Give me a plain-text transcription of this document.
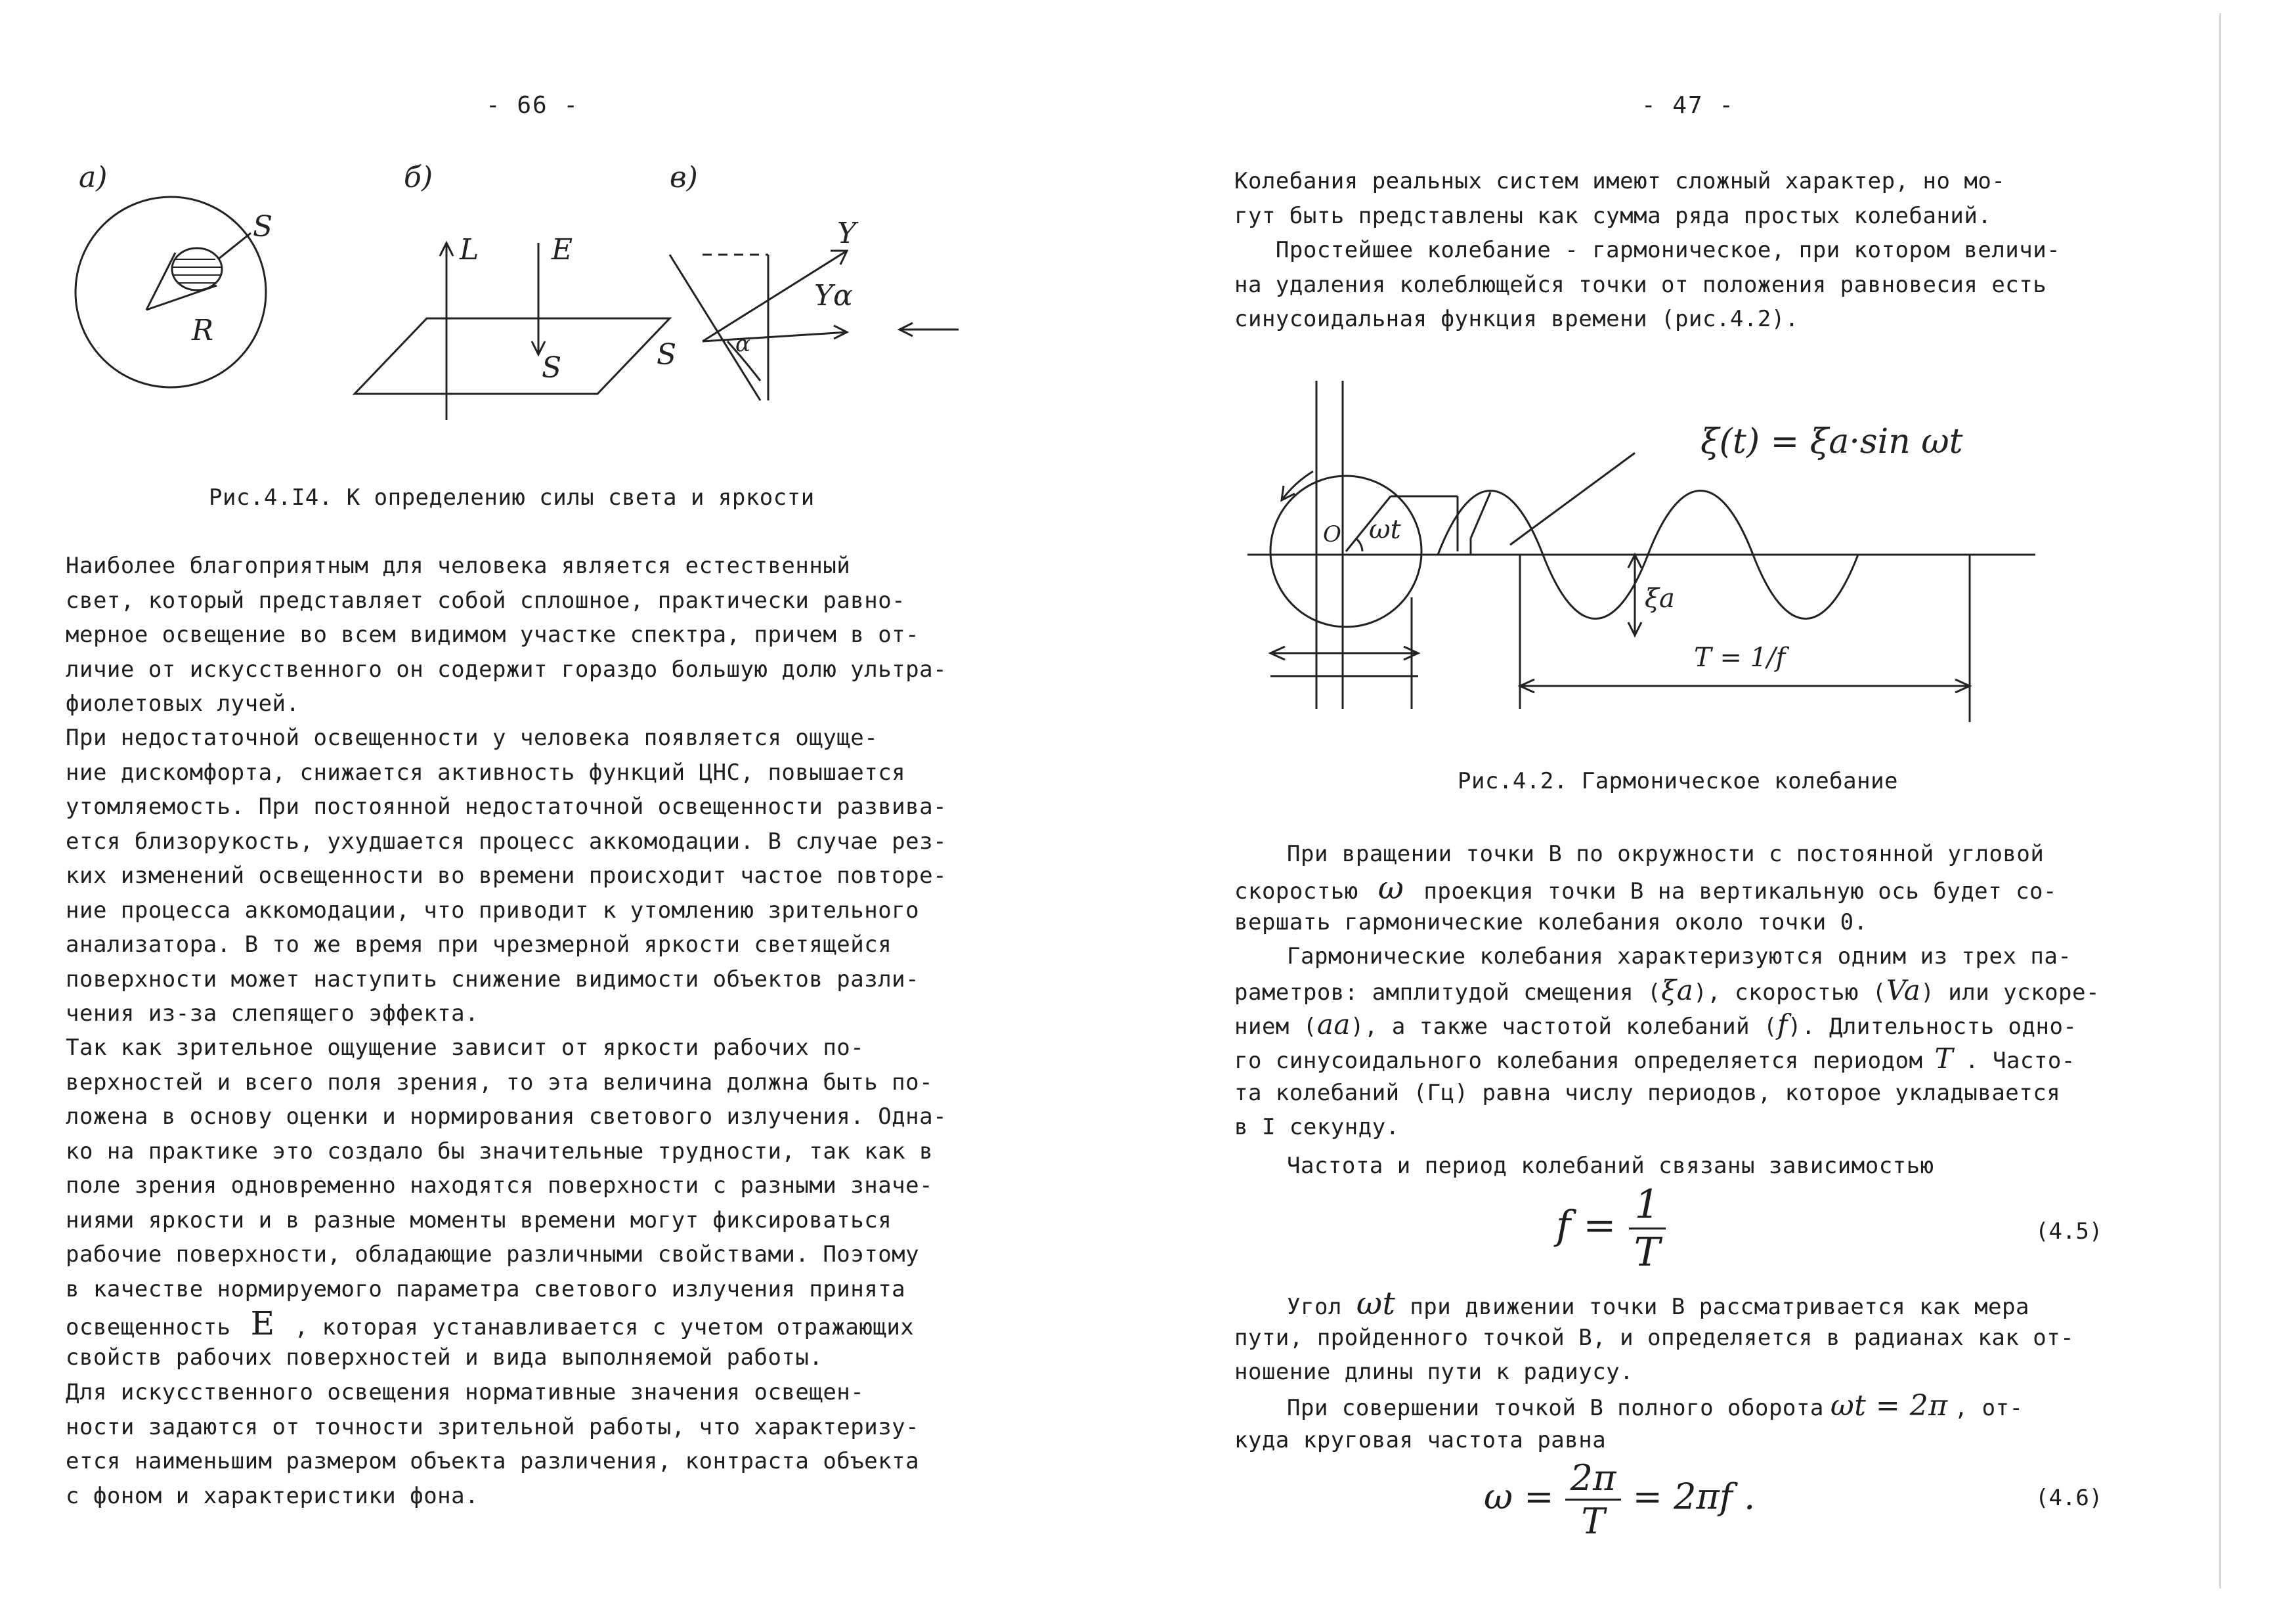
- 66 -
a)	б)	в)
S
R
L	E
S
Y
Yα
S	α
Рис.4.I4. К определению силы света и яркости
Наиболее благоприятным для человека является естественный
свет, который представляет собой сплошное, практически равно-
мерное освещение во всем видимом участке спектра, причем в от-
личие от искусственного он содержит гораздо большую долю ультра-
фиолетовых лучей.
При недостаточной освещенности у человека появляется ощуще-
ние дискомфорта, снижается активность функций ЦНС, повышается
утомляемость. При постоянной недостаточной освещенности развива-
ется близорукость, ухудшается процесс аккомодации. В случае рез-
ких изменений освещенности во времени происходит частое повторе-
ние процесса аккомодации, что приводит к утомлению зрительного
анализатора. В то же время при чрезмерной яркости светящейся
поверхности может наступить снижение видимости объектов разли-
чения из-за слепящего эффекта.
Так как зрительное ощущение зависит от яркости рабочих по-
верхностей и всего поля зрения, то эта величина должна быть по-
ложена в основу оценки и нормирования светового излучения. Одна-
ко на практике это создало бы значительные трудности, так как в
поле зрения одновременно находятся поверхности с разными значе-
ниями яркости и в разные моменты времени могут фиксироваться
рабочие поверхности, обладающие различными свойствами. Поэтому
в качестве нормируемого параметра светового излучения принята
освещенность E , которая устанавливается с учетом отражающих
свойств рабочих поверхностей и вида выполняемой работы.
Для искусственного освещения нормативные значения освещен-
ности задаются от точности зрительной работы, что характеризу-
ется наименьшим размером объекта различения, контраста объекта
с фоном и характеристики фона.
- 47 -
Колебания реальных систем имеют сложный характер, но мо-
гут быть представлены как сумма ряда простых колебаний.
Простейшее колебание - гармоническое, при котором величи-
на удаления колеблющейся точки от положения равновесия есть
синусоидальная функция времени (рис.4.2).
ξ(t) = ξa·sin ωt
O ωt
ξa
T = 1/f
Рис.4.2. Гармоническое колебание
При вращении точки В по окружности с постоянной угловой
скоростью ω проекция точки В на вертикальную ось будет со-
вершать гармонические колебания около точки 0.
Гармонические колебания характеризуются одним из трех па-
раметров: амплитудой смещения (ξa), скоростью (Va) или ускоре-
нием (aa), а также частотой колебаний (f). Длительность одно-
го синусоидального колебания определяется периодом T . Часто-
та колебаний (Гц) равна числу периодов, которое укладывается
в I секунду.
Частота и период колебаний связаны зависимостью
$f = \frac{1}{T}$	(4.5)
Угол ωt при движении точки В рассматривается как мера
пути, пройденного точкой В, и определяется в радианах как от-
ношение длины пути к радиусу.
При совершении точкой В полного оборота ωt = 2π , от-
куда круговая частота равна
$\omega = \frac{2\pi}{T} = 2\pi f$ .	(4.6)
